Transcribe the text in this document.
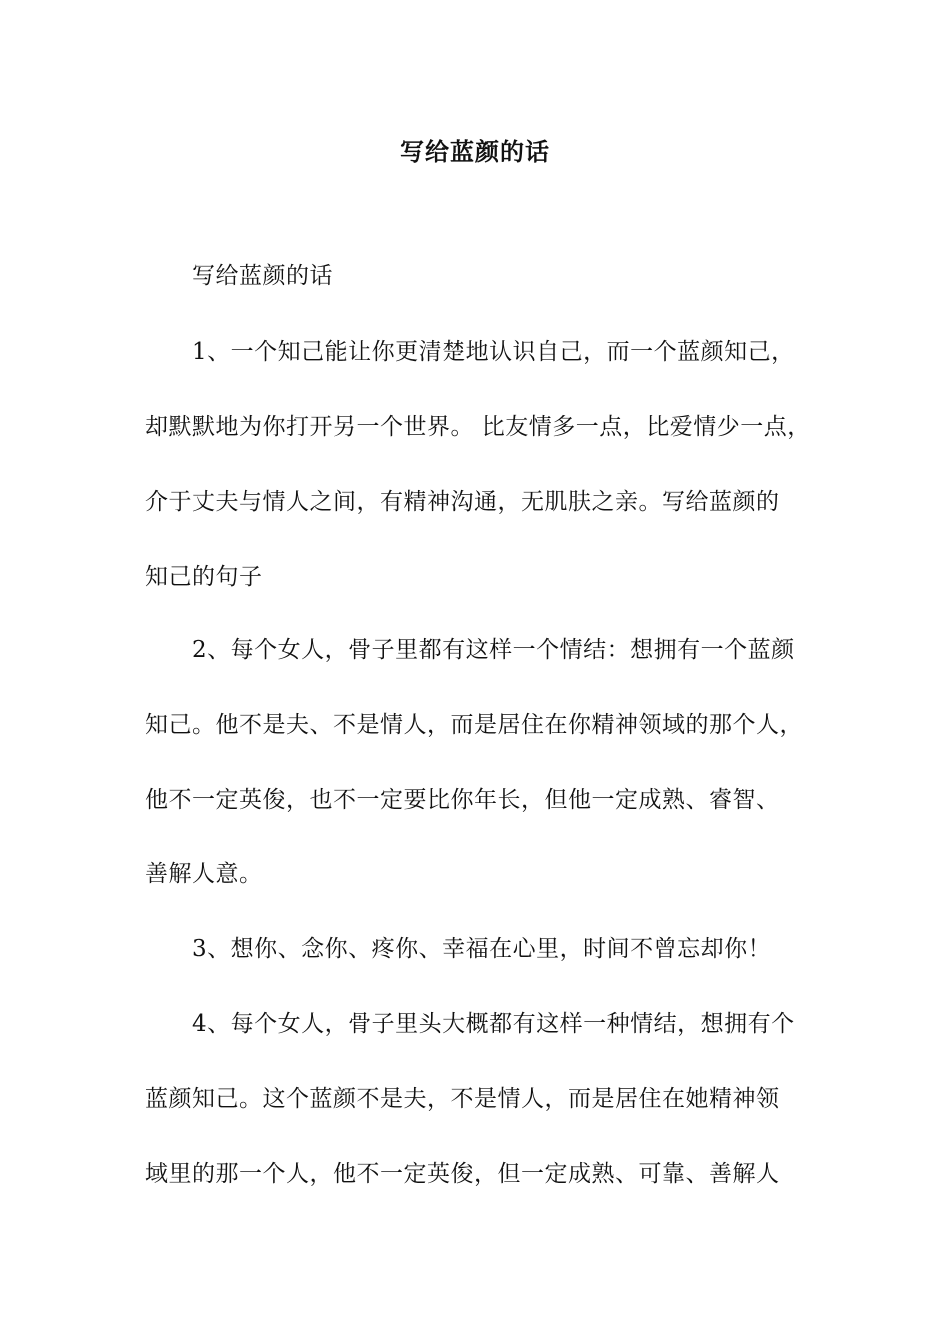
写给蓝颜的话
写给蓝颜的话
1、一个知己能让你更清楚地认识自己，而一个蓝颜知己，
却默默地为你打开另一个世界。 比友情多一点，比爱情少一点，
介于丈夫与情人之间，有精神沟通，无肌肤之亲。写给蓝颜的
知己的句子
2、每个女人，骨子里都有这样一个情结：想拥有一个蓝颜
知己。他不是夫、不是情人，而是居住在你精神领域的那个人，
他不一定英俊，也不一定要比你年长，但他一定成熟、睿智、
善解人意。
3、想你、念你、疼你、幸福在心里，时间不曾忘却你！
4、每个女人，骨子里头大概都有这样一种情结，想拥有个
蓝颜知己。这个蓝颜不是夫，不是情人，而是居住在她精神领
域里的那一个人，他不一定英俊，但一定成熟、可靠、善解人
